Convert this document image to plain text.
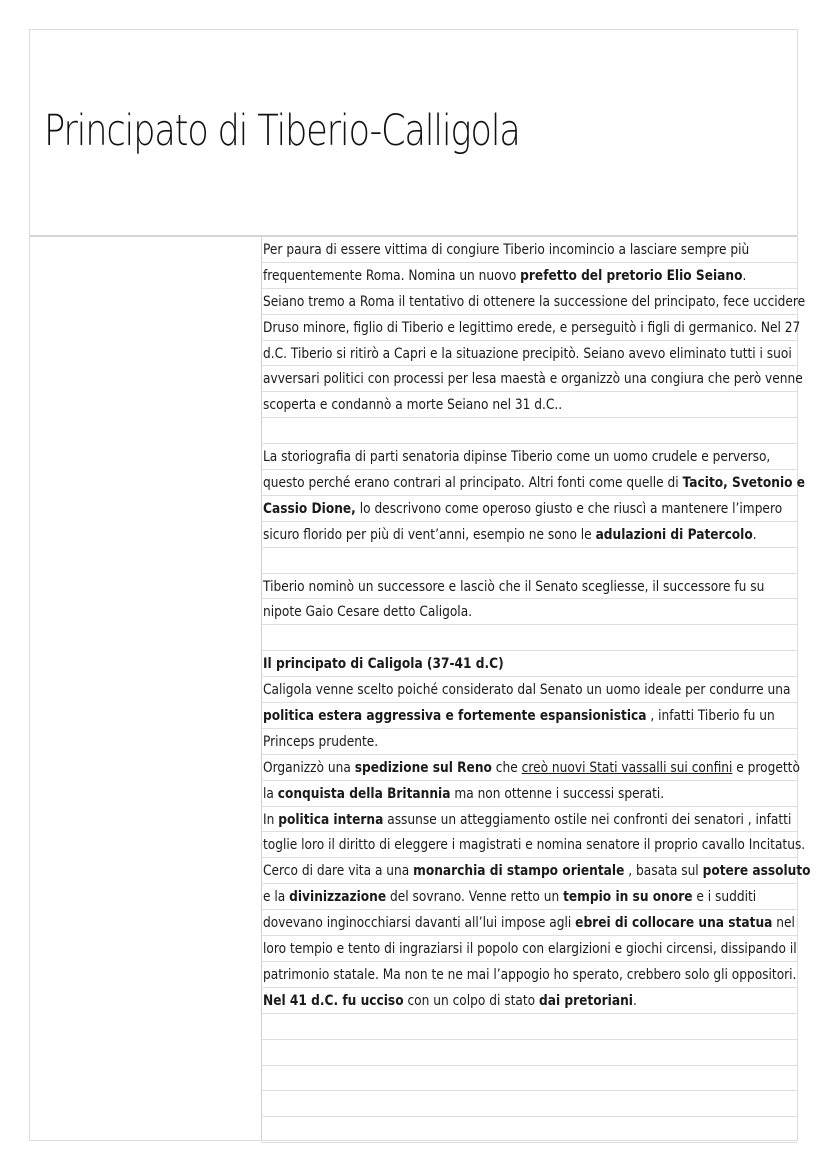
Principato di Tiberio-Calligola
Per paura di essere vittima di congiure Tiberio incomincio a lasciare sempre più
frequentemente Roma. Nomina un nuovo prefetto del pretorio Elio Seiano.
Seiano tremo a Roma il tentativo di ottenere la successione del principato, fece uccidere
Druso minore, figlio di Tiberio e legittimo erede, e perseguitò i figli di germanico. Nel 27
d.C. Tiberio si ritirò a Capri e la situazione precipitò. Seiano avevo eliminato tutti i suoi
avversari politici con processi per lesa maestà e organizzò una congiura che però venne
scoperta e condannò a morte Seiano nel 31 d.C..
La storiografia di parti senatoria dipinse Tiberio come un uomo crudele e perverso,
questo perché erano contrari al principato. Altri fonti come quelle di Tacito, Svetonio e
Cassio Dione, lo descrivono come operoso giusto e che riuscì a mantenere l’impero
sicuro florido per più di vent’anni, esempio ne sono le adulazioni di Patercolo.
Tiberio nominò un successore e lasciò che il Senato scegliesse, il successore fu su
nipote Gaio Cesare detto Caligola.
Il principato di Caligola (37-41 d.C)
Caligola venne scelto poiché considerato dal Senato un uomo ideale per condurre una
politica estera aggressiva e fortemente espansionistica , infatti Tiberio fu un
Princeps prudente.
Organizzò una spedizione sul Reno che creò nuovi Stati vassalli sui confini e progettò
la conquista della Britannia ma non ottenne i successi sperati.
In politica interna assunse un atteggiamento ostile nei confronti dei senatori , infatti
toglie loro il diritto di eleggere i magistrati e nomina senatore il proprio cavallo Incitatus.
Cerco di dare vita a una monarchia di stampo orientale , basata sul potere assoluto
e la divinizzazione del sovrano. Venne retto un tempio in su onore e i sudditi
dovevano inginocchiarsi davanti all’lui impose agli ebrei di collocare una statua nel
loro tempio e tento di ingraziarsi il popolo con elargizioni e giochi circensi, dissipando il
patrimonio statale. Ma non te ne mai l’appogio ho sperato, crebbero solo gli oppositori.
Nel 41 d.C. fu ucciso con un colpo di stato dai pretoriani.
